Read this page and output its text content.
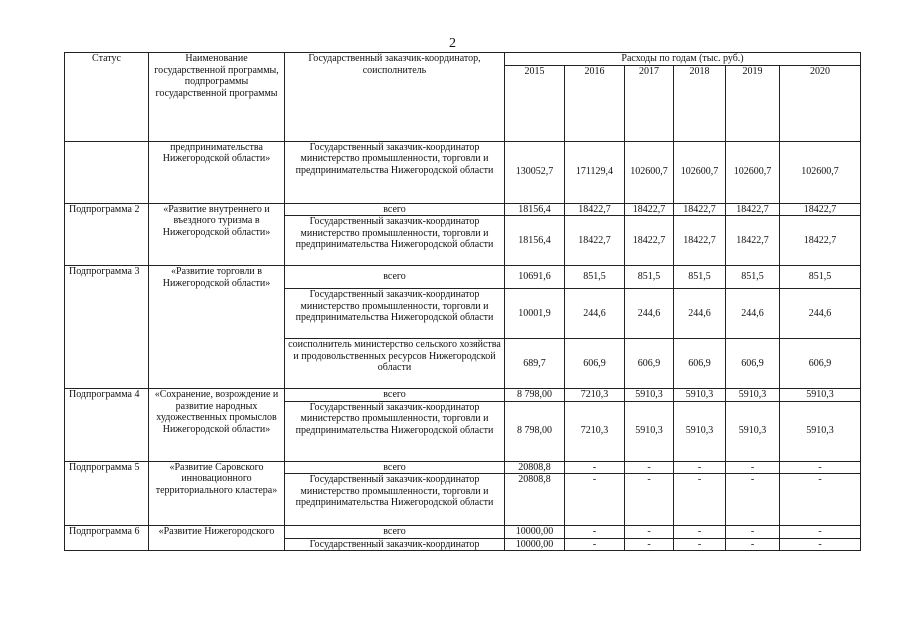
2
Статус	Наименование государственной программы, подпрограммы государственной программы	Государственный заказчик-координатор, соисполнитель	Расходы по годам (тыс. руб.)					
			2015	2016	2017	2018	2019	2020
	предпринимательства Нижегородской области»	Государственный заказчик-координатор министерство промышленности, торговли и предпринимательства Нижегородской области	130052,7	171129,4	102600,7	102600,7	102600,7	102600,7
Подпрограмма 2	«Развитие внутреннего и въездного туризма в Нижегородской области»	всего	18156,4	18422,7	18422,7	18422,7	18422,7	18422,7
		Государственный заказчик-координатор министерство промышленности, торговли и предпринимательства Нижегородской области	18156,4	18422,7	18422,7	18422,7	18422,7	18422,7
Подпрограмма 3	«Развитие торговли в Нижегородской области»	всего	10691,6	851,5	851,5	851,5	851,5	851,5
		Государственный заказчик-координатор министерство промышленности, торговли и предпринимательства Нижегородской области	10001,9	244,6	244,6	244,6	244,6	244,6
		соисполнитель министерство сельского хозяйства и продовольственных ресурсов Нижегородской области	689,7	606,9	606,9	606,9	606,9	606,9
Подпрограмма 4	«Сохранение, возрождение и развитие народных художественных промыслов Нижегородской области»	всего	8 798,00	7210,3	5910,3	5910,3	5910,3	5910,3
		Государственный заказчик-координатор министерство промышленности, торговли и предпринимательства Нижегородской области	8 798,00	7210,3	5910,3	5910,3	5910,3	5910,3
Подпрограмма 5	«Развитие Саровского инновационного территориального кластера»	всего	20808,8	-	-	-	-	-
		Государственный заказчик-координатор министерство промышленности, торговли и предпринимательства Нижегородской области	20808,8	-	-	-	-	-
Подпрограмма 6	«Развитие Нижегородского	всего	10000,00	-	-	-	-	-
		Государственный заказчик-координатор	10000,00	-	-	-	-	-
